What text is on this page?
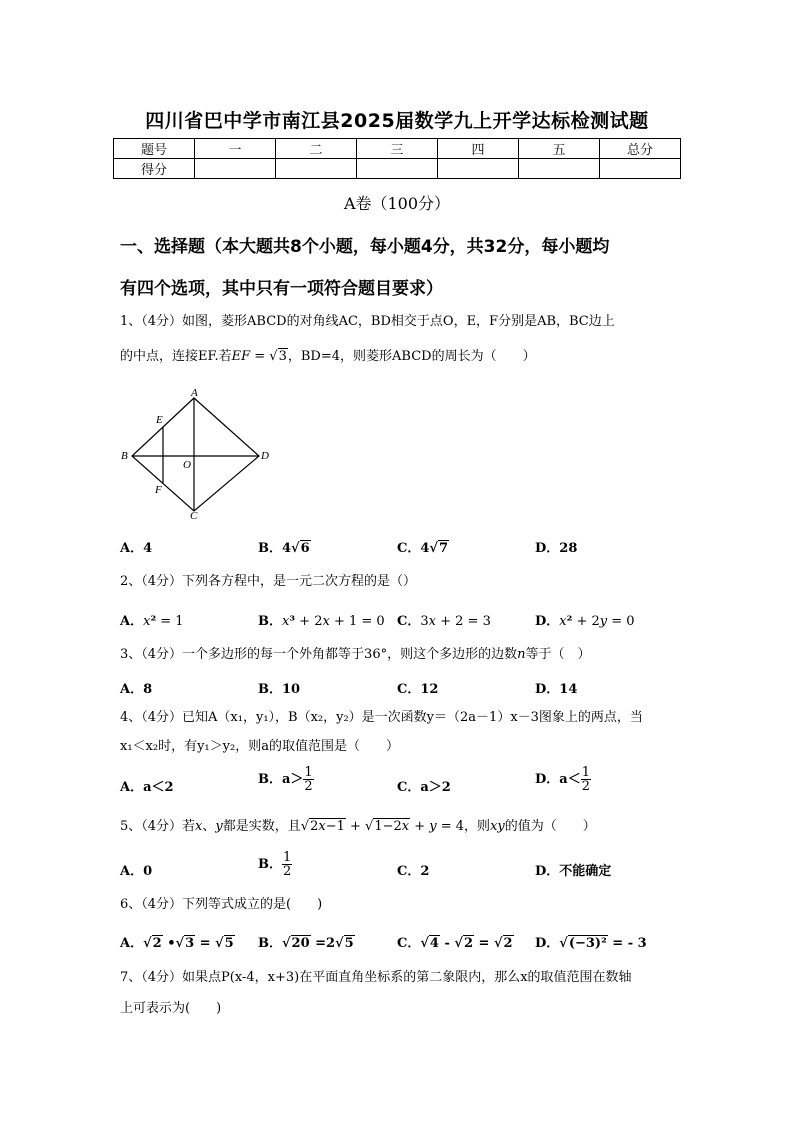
四川省巴中学市南江县2025届数学九上开学达标检测试题
题号	一	二	三	四	五	总分
得分						
A卷（100分）
一、选择题（本大题共8个小题，每小题4分，共32分，每小题均
有四个选项，其中只有一项符合题目要求）
1、（4分）如图，菱形ABCD的对角线AC，BD相交于点O，E，F分别是AB，BC边上
的中点，连接EF.若EF = √3，BD=4，则菱形ABCD的周长为（　　）
A
B
C
D
E
F
O
A．4	B．4√6	C．4√7	D．28
2、（4分）下列各方程中，是一元二次方程的是（）
A．x² = 1	B．x³ + 2x + 1 = 0 C．3x + 2 = 3	D．x² + 2y = 0
3、（4分）一个多边形的每一个外角都等于36°，则这个多边形的边数n等于（　）
A．8	B．10	C．12	D．14
4、（4分）已知A（x₁，y₁），B（x₂，y₂）是一次函数y＝（2a－1）x－3图象上的两点，当
x₁＜x₂时，有y₁＞y₂，则a的取值范围是（　　）
A．a＜2
B．$a> \frac{1}{2}$	C．a＞2
D．$a< \frac{1}{2}$
5、（4分）若x、y都是实数，且√2x−1 + √1−2x + y = 4，则xy的值为（　　）
A．0	B． $\frac{1}{2}$	C．2	D．不能确定
6、（4分）下列等式成立的是(　　)
A．√2 •√3 = √5 B．√20 =2√5	C．√4 - √2 = √2 D．√(−3)² = - 3
7、（4分）如果点P(x-4，x+3)在平面直角坐标系的第二象限内，那么x的取值范围在数轴
上可表示为(　　)
